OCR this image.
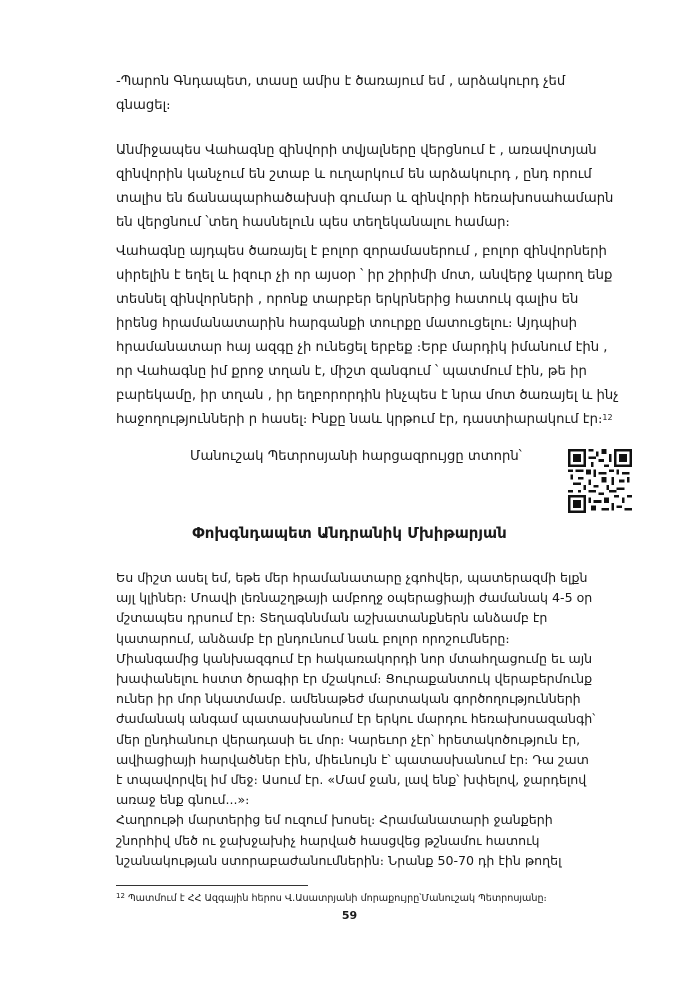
-Պարոն Գնդապետ, տասը ամիս է ծառայում եմ , արձակուրդ չեմ
գնացել։
Անմիջապես Վահագնը զինվորի տվյալները վերցնում է , առավոտյան
զինվորին կանչում են շտաբ և ուղարկում են արձակուրդ , ընդ որում
տալիս են ճանապարհածախսի գումար և զինվորի հեռախոսահամարն
են վերցնում ՝տեղ հասնելուն պես տեղեկանալու համար։
Վահագնը այդպես ծառայել է բոլոր զորամասերում , բոլոր զինվորների
սիրելին է եղել և իզուր չի որ այսօր ՝ իր շիրիմի մոտ, անվերջ կարող ենք
տեսնել զինվորների , որոնք տարբեր երկրներից հատուկ գալիս են
իրենց հրամանատարին հարգանքի տուրքը մատուցելու։ Այդպիսի
հրամանատար հայ ազգը չի ունեցել երբեք ։Երբ մարդիկ իմանում էին ,
որ Վահագնը իմ քրոջ տղան է, միշտ զանգում ՝ պատմում էին, թե իր
բարեկամը, իր տղան , իր եղբորորդին ինչպես է նրա մոտ ծառայել և ինչ
հաջողությունների ր հասել։ Ինքը նաև կրթում էր, դաստիարակում էր։$^{12}$

Մանուշակ Պետրոսյանի հարցազրույցը տտորն՝

Փոխգնդապետ Անդրանիկ Մխիթարյան
Ես միշտ ասել եմ, եթե մեր հրամանատարը չգոհվեր, պատերազմի ելքն
այլ կլիներ։ Մոավի լեռնաշղթայի ամբողջ օպերացիայի ժամանակ 4-5 օր
մշտապես դրսում էր։ Տեղագննման աշխատանքներն անձամբ էր
կատարում, անձամբ էր ընդունում նաև բոլոր որոշումները։
Միանգամից կանխազգում էր հակառակորդի նոր մտահղացումը եւ այն
խափանելու հստտ ծրագիր էր մշակում։ Ցուրաքանտուկ վերաբերմունք
ուներ իր մոր նկատմամբ. ամենաթեժ մարտական գործողությունների
ժամանակ անգամ պատասխանում էր երկու մարդու հեռախոսազանգի՝
մեր ընդհանուր վերադասի եւ մոր։ Կարեւոր չէր՝ հրետակոծություն էր,
ավիացիայի հարվածներ էին, միեւնույն է՝ պատասխանում էր։ Դա շատ
է տպավորվել իմ մեջ։ Ասում էր. «Մամ ջան, լավ ենք՝ խփելով, ջարդելով
առաջ ենք գնում...»։
Հաղրութի մարտերից եմ ուզում խոսել։ Հրամանատարի ջանքերի
շնորհիվ մեծ ու ջախջախիչ հարված հասցվեց թշնամու հատուկ
նշանակության ստորաբաժանումներին։ Նրանք 50-70 դի էին թողել

$^{12}$ Պատմում է ՀՀ Ազգային հերոս Վ.Ասատրյանի մորաքույրը՝Մանուշակ Պետրոսյանը։

59
